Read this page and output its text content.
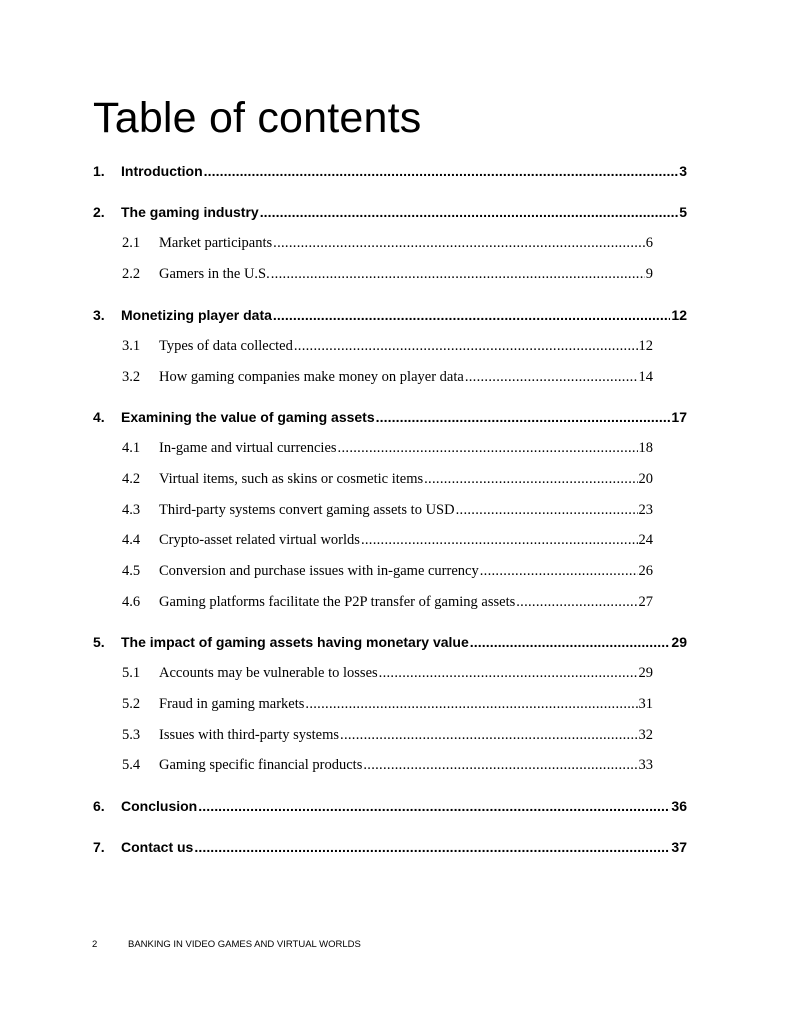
Table of contents
1.	Introduction .....	3
2.	The gaming industry .....	5
2.1	Market participants .....	6
2.2	Gamers in the U.S. .....	9
3.	Monetizing player data .....	12
3.1	Types of data collected .....	12
3.2	How gaming companies make money on player data .....	14
4.	Examining the value of gaming assets .....	17
4.1	In-game and virtual currencies .....	18
4.2	Virtual items, such as skins or cosmetic items .....	20
4.3	Third-party systems convert gaming assets to USD .....	23
4.4	Crypto-asset related virtual worlds .....	24
4.5	Conversion and purchase issues with in-game currency .....	26
4.6	Gaming platforms facilitate the P2P transfer of gaming assets .....	27
5.	The impact of gaming assets having monetary value .....	29
5.1	Accounts may be vulnerable to losses .....	29
5.2	Fraud in gaming markets .....	31
5.3	Issues with third-party systems .....	32
5.4	Gaming specific financial products .....	33
6.	Conclusion .....	36
7.	Contact us .....	37
2	BANKING IN VIDEO GAMES AND VIRTUAL WORLDS
